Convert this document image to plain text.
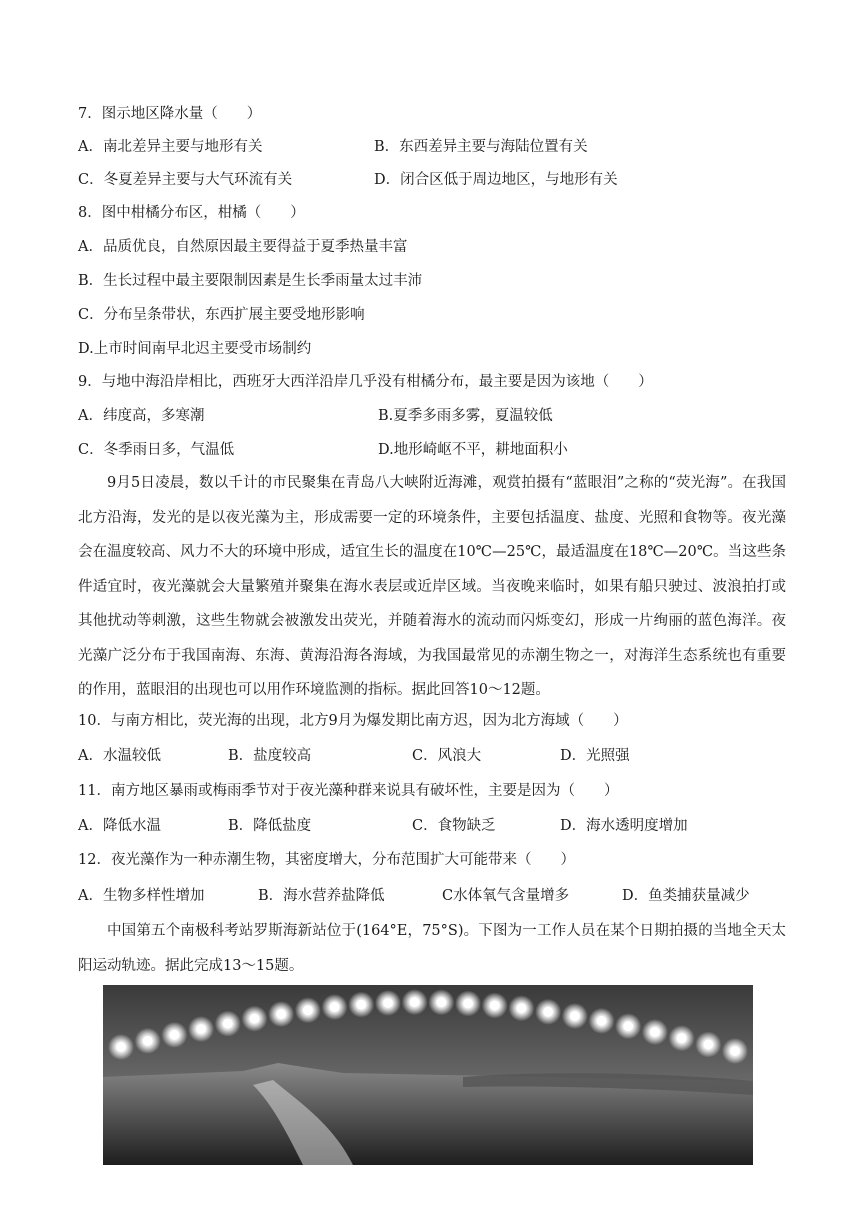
7．图示地区降水量（　　）
A．南北差异主要与地形有关	B．东西差异主要与海陆位置有关
C．冬夏差异主要与大气环流有关	D．闭合区低于周边地区，与地形有关
8．图中柑橘分布区，柑橘（　　）
A．品质优良，自然原因最主要得益于夏季热量丰富
B．生长过程中最主要限制因素是生长季雨量太过丰沛
C．分布呈条带状，东西扩展主要受地形影响
D.上市时间南早北迟主要受市场制约
9．与地中海沿岸相比，西班牙大西洋沿岸几乎没有柑橘分布，最主要是因为该地（　　）
A．纬度高，多寒潮	B.夏季多雨多雾，夏温较低
C．冬季雨日多，气温低	D.地形崎岖不平，耕地面积小
9月5日凌晨，数以千计的市民聚集在青岛八大峡附近海滩，观赏拍摄有“蓝眼泪”之称的“荧光海”。在我国北方沿海，发光的是以夜光藻为主，形成需要一定的环境条件，主要包括温度、盐度、光照和食物等。夜光藻会在温度较高、风力不大的环境中形成，适宜生长的温度在10℃—25℃，最适温度在18℃—20℃。当这些条件适宜时，夜光藻就会大量繁殖并聚集在海水表层或近岸区域。当夜晚来临时，如果有船只驶过、波浪拍打或其他扰动等刺激，这些生物就会被激发出荧光，并随着海水的流动而闪烁变幻，形成一片绚丽的蓝色海洋。夜光藻广泛分布于我国南海、东海、黄海沿海各海域，为我国最常见的赤潮生物之一，对海洋生态系统也有重要的作用，蓝眼泪的出现也可以用作环境监测的指标。据此回答10～12题。
10．与南方相比，荧光海的出现，北方9月为爆发期比南方迟，因为北方海域（　　）
A．水温较低	B．盐度较高	C．风浪大	D．光照强
11．南方地区暴雨或梅雨季节对于夜光藻种群来说具有破坏性，主要是因为（　　）
A．降低水温	B．降低盐度	C．食物缺乏	D．海水透明度增加
12．夜光藻作为一种赤潮生物，其密度增大，分布范围扩大可能带来（　　）
A．生物多样性增加	B．海水营养盐降低	C水体氧气含量增多	D．鱼类捕获量减少
中国第五个南极科考站罗斯海新站位于(164°E，75°S)。下图为一工作人员在某个日期拍摄的当地全天太阳运动轨迹。据此完成13～15题。
